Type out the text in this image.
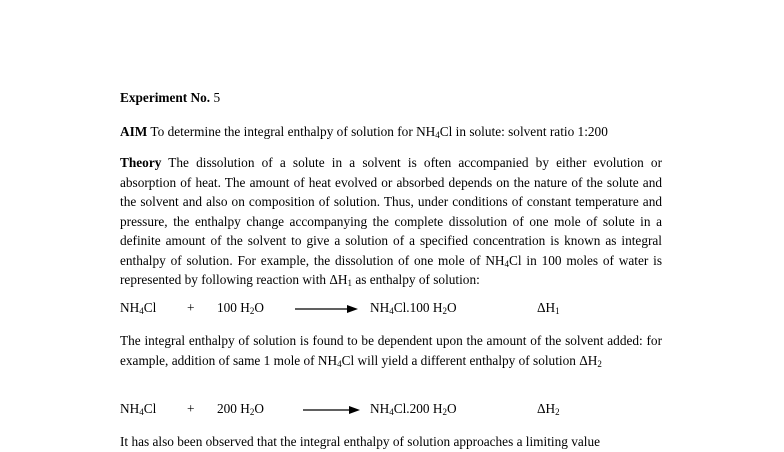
Experiment No. 5
AIM To determine the integral enthalpy of solution for $NH_4Cl$ in solute: solvent ratio 1:200
Theory The dissolution of a solute in a solvent is often accompanied by either evolution or absorption of heat. The amount of heat evolved or absorbed depends on the nature of the solute and the solvent and also on composition of solution. Thus, under conditions of constant temperature and pressure, the enthalpy change accompanying the complete dissolution of one mole of solute in a definite amount of the solvent to give a solution of a specified concentration is known as integral enthalpy of solution. For example, the dissolution of one mole of $NH_4Cl$ in 100 moles of water is represented by following reaction with $\Delta H_1$ as enthalpy of solution:
$NH_4Cl + 100$ $H_2O$	$NH_4Cl.100$ $H_2O$	$\Delta H_1$
The integral enthalpy of solution is found to be dependent upon the amount of the solvent added: for example, addition of same 1 mole of $NH_4Cl$ will yield a different enthalpy of solution $\Delta H_2$
$NH_4Cl + 200$ $H_2O$	$NH_4Cl.200$ $H_2O$	$\Delta H_2$
It has also been observed that the integral enthalpy of solution approaches a limiting value
